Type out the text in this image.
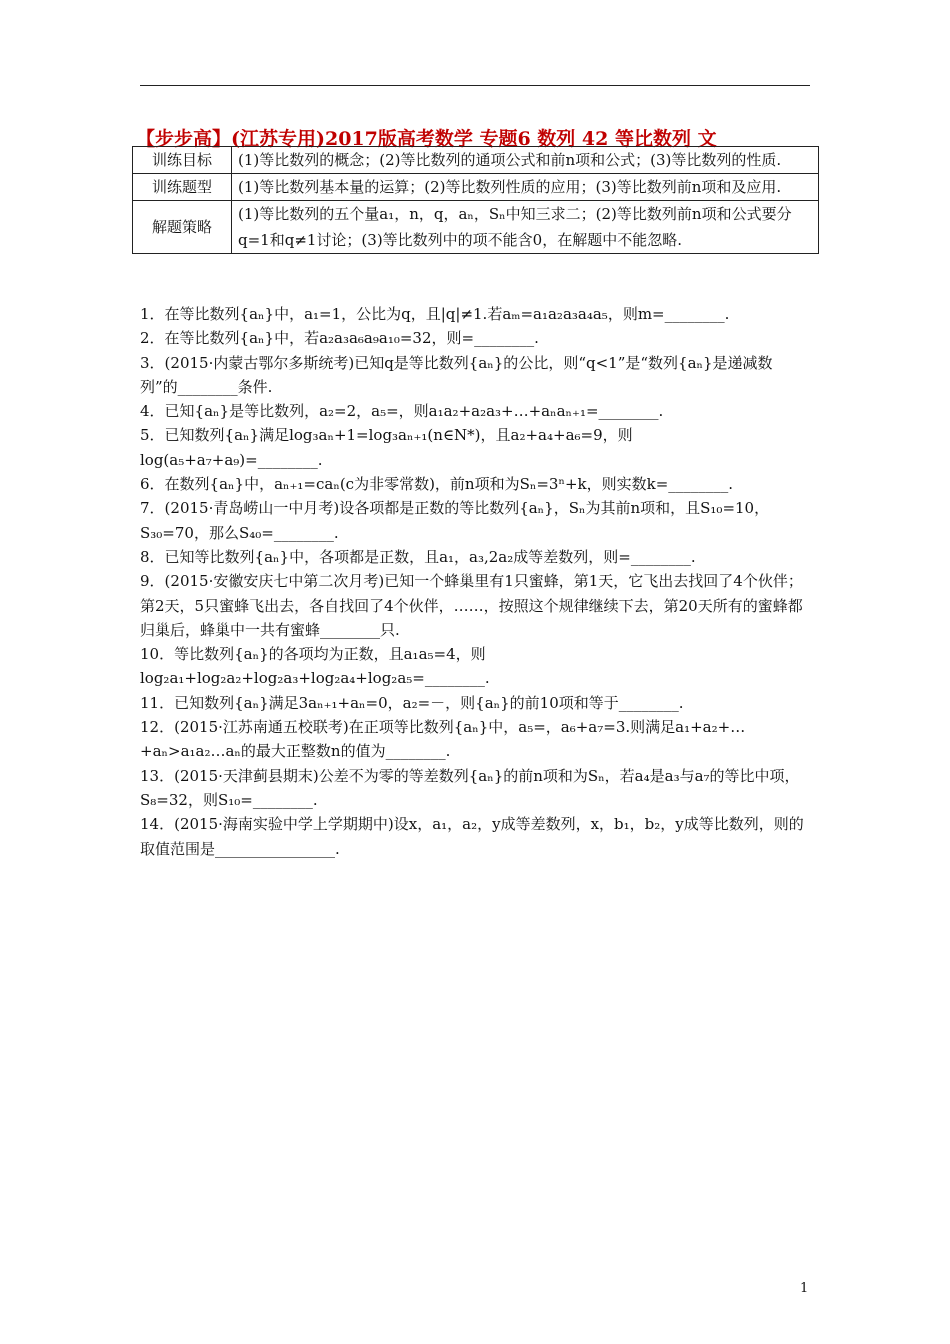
【步步高】(江苏专用)2017版高考数学 专题6 数列 42 等比数列 文
训练目标	(1)等比数列的概念；(2)等比数列的通项公式和前n项和公式；(3)等比数列的性质.
训练题型	(1)等比数列基本量的运算；(2)等比数列性质的应用；(3)等比数列前n项和及应用.
解题策略	(1)等比数列的五个量a₁，n，q，aₙ，Sₙ中知三求二；(2)等比数列前n项和公式要分q=1和q≠1讨论；(3)等比数列中的项不能含0，在解题中不能忽略.

1．在等比数列{aₙ}中，a₁=1，公比为q，且|q|≠1.若aₘ=a₁a₂a₃a₄a₅，则m=________.

2．在等比数列{aₙ}中，若a₂a₃a₆a₉a₁₀=32，则=________.

3．(2015·内蒙古鄂尔多斯统考)已知q是等比数列{aₙ}的公比，则“q<1”是“数列{aₙ}是递减数列”的________条件.

4．已知{aₙ}是等比数列，a₂=2，a₅=，则a₁a₂+a₂a₃+…+aₙaₙ₊₁=________.

5．已知数列{aₙ}满足log₃aₙ+1=log₃aₙ₊₁(n∈N*)，且a₂+a₄+a₆=9，则log(a₅+a₇+a₉)=________.

6．在数列{aₙ}中，aₙ₊₁=caₙ(c为非零常数)，前n项和为Sₙ=3ⁿ+k，则实数k=________.

7．(2015·青岛崂山一中月考)设各项都是正数的等比数列{aₙ}，Sₙ为其前n项和，且S₁₀=10，S₃₀=70，那么S₄₀=________.

8．已知等比数列{aₙ}中，各项都是正数，且a₁，a₃,2a₂成等差数列，则=________.

9．(2015·安徽安庆七中第二次月考)已知一个蜂巢里有1只蜜蜂，第1天，它飞出去找回了4个伙伴；第2天，5只蜜蜂飞出去，各自找回了4个伙伴，……，按照这个规律继续下去，第20天所有的蜜蜂都归巢后，蜂巢中一共有蜜蜂________只.

10．等比数列{aₙ}的各项均为正数，且a₁a₅=4，则log₂a₁+log₂a₂+log₂a₃+log₂a₄+log₂a₅=________.

11．已知数列{aₙ}满足3aₙ₊₁+aₙ=0，a₂=－，则{aₙ}的前10项和等于________.

12．(2015·江苏南通五校联考)在正项等比数列{aₙ}中，a₅=，a₆+a₇=3.则满足a₁+a₂+…+aₙ>a₁a₂…aₙ的最大正整数n的值为________.

13．(2015·天津蓟县期末)公差不为零的等差数列{aₙ}的前n项和为Sₙ，若a₄是a₃与a₇的等比中项，S₈=32，则S₁₀=________.

14．(2015·海南实验中学上学期期中)设x，a₁，a₂，y成等差数列，x，b₁，b₂，y成等比数列，则的取值范围是________________.

1
